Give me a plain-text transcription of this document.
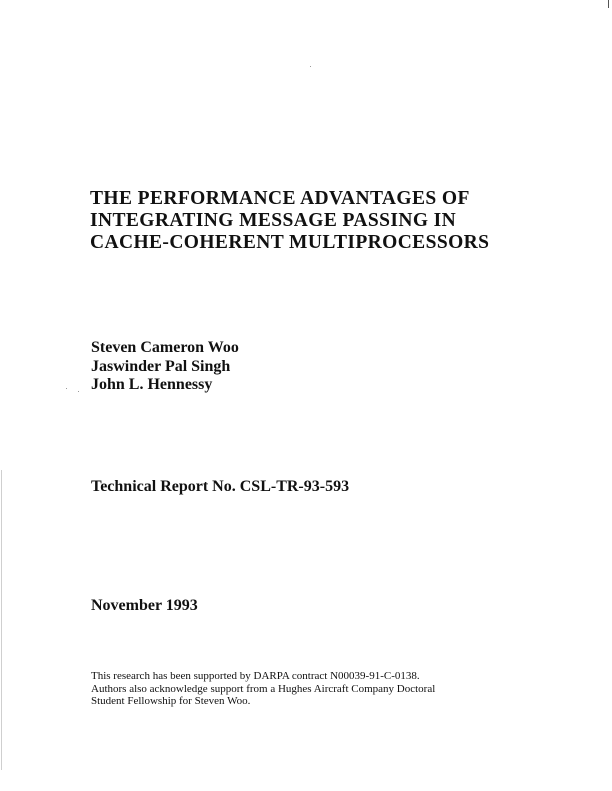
THE PERFORMANCE ADVANTAGES OF
INTEGRATING MESSAGE PASSING IN
CACHE-COHERENT MULTIPROCESSORS
Steven Cameron Woo
Jaswinder Pal Singh
John L. Hennessy
Technical Report No. CSL-TR-93-593
November 1993
This research has been supported by DARPA contract N00039-91-C-0138.
Authors also acknowledge support from a Hughes Aircraft Company Doctoral
Student Fellowship for Steven Woo.
